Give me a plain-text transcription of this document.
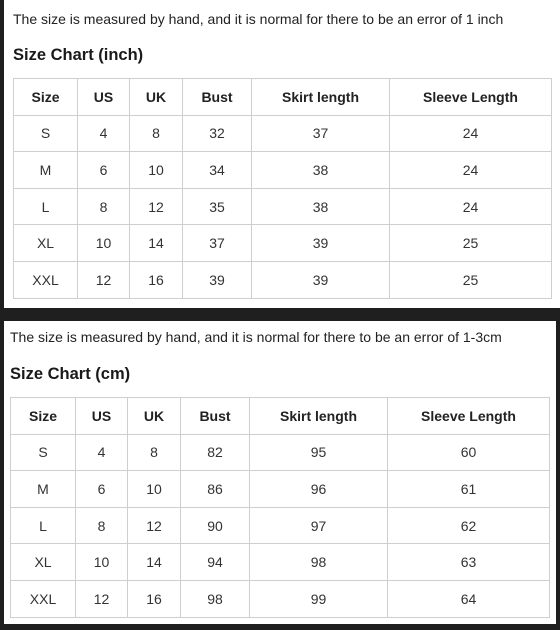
The size is measured by hand, and it is normal for there to be an error of 1 inch
Size Chart (inch)
Size	US	UK	Bust	Skirt length	Sleeve Length
S	4	8	32	37	24
M	6	10	34	38	24
L	8	12	35	38	24
XL	10	14	37	39	25
XXL	12	16	39	39	25
The size is measured by hand, and it is normal for there to be an error of 1-3cm
Size Chart (cm)
Size	US	UK	Bust	Skirt length	Sleeve Length
S	4	8	82	95	60
M	6	10	86	96	61
L	8	12	90	97	62
XL	10	14	94	98	63
XXL	12	16	98	99	64
